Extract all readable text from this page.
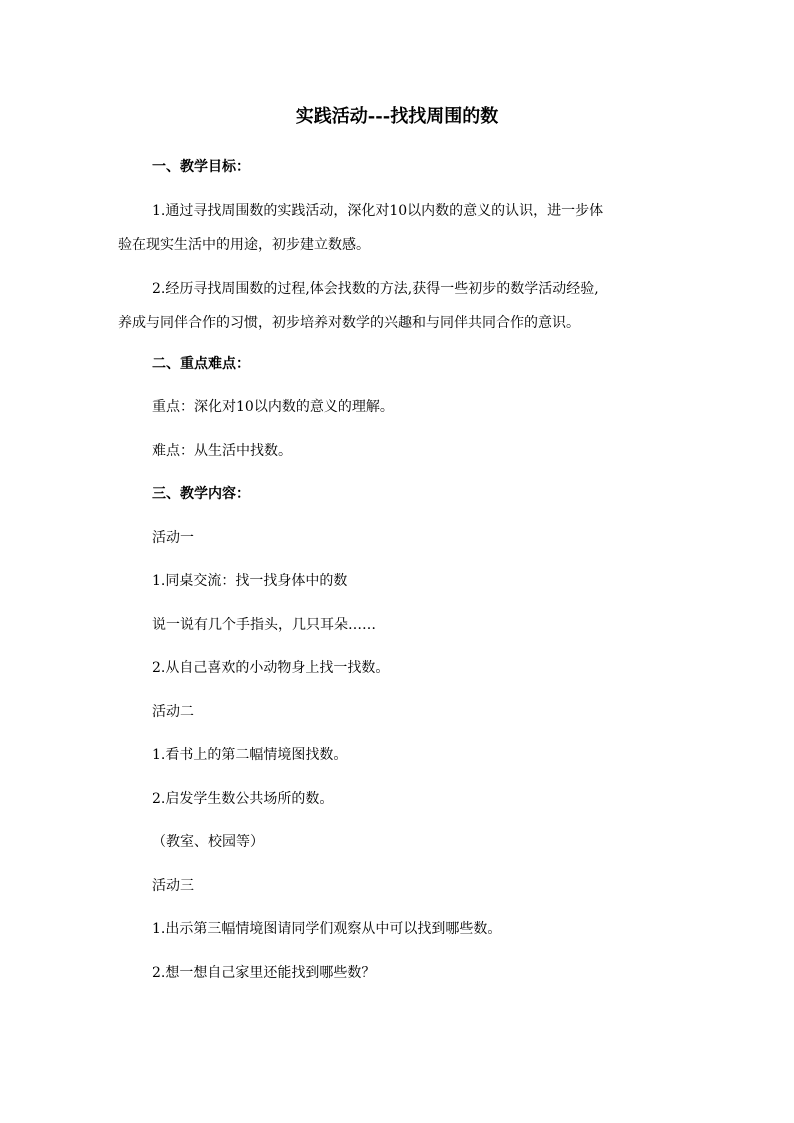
实践活动---找找周围的数
一、教学目标：
1.通过寻找周围数的实践活动，深化对10以内数的意义的认识，进一步体
验在现实生活中的用途，初步建立数感。
2.经历寻找周围数的过程,体会找数的方法,获得一些初步的数学活动经验,
养成与同伴合作的习惯，初步培养对数学的兴趣和与同伴共同合作的意识。
二、重点难点：
重点：深化对10以内数的意义的理解。
难点：从生活中找数。
三、教学内容：
活动一
1.同桌交流：找一找身体中的数
说一说有几个手指头，几只耳朵……
2.从自己喜欢的小动物身上找一找数。
活动二
1.看书上的第二幅情境图找数。
2.启发学生数公共场所的数。
（教室、校园等）
活动三
1.出示第三幅情境图请同学们观察从中可以找到哪些数。
2.想一想自己家里还能找到哪些数？
